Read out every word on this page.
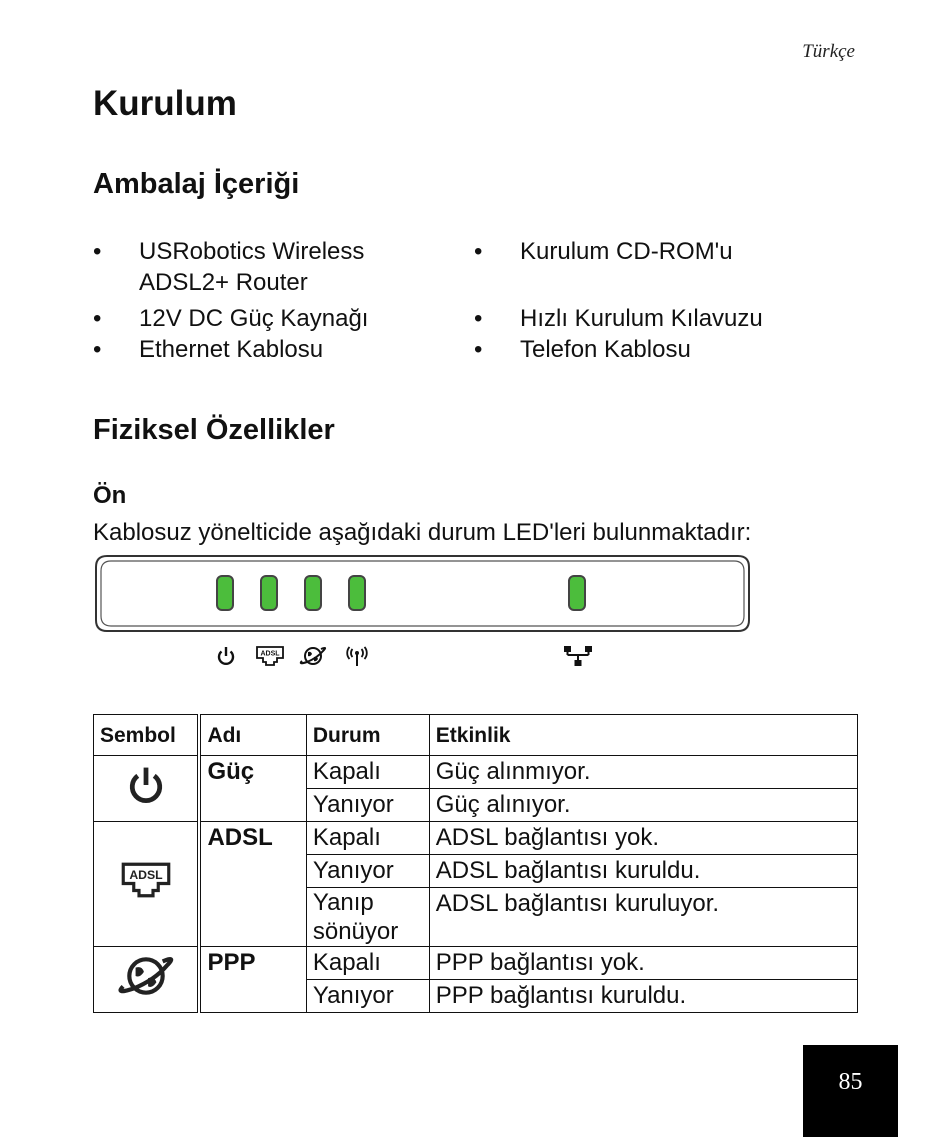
Türkçe
Kurulum
Ambalaj İçeriği
• USRobotics Wireless ADSL2+ Router
• 12V DC Güç Kaynağı
• Ethernet Kablosu
• Kurulum CD-ROM'u
• Hızlı Kurulum Kılavuzu
• Telefon Kablosu
Fiziksel Özellikler
Ön
Kablosuz yönelticide aşağıdaki durum LED'leri bulunmaktadır:
ADSL
Sembol	Adı	Durum	Etkinlik
	Güç	Kapalı	Güç alınmıyor.
		Yanıyor	Güç alınıyor.

ADSL	ADSL	Kapalı	ADSL bağlantısı yok.
		Yanıyor	ADSL bağlantısı kuruldu.
		Yanıp sönüyor	ADSL bağlantısı kuruluyor.
	PPP	Kapalı	PPP bağlantısı yok.
		Yanıyor	PPP bağlantısı kuruldu.
85
